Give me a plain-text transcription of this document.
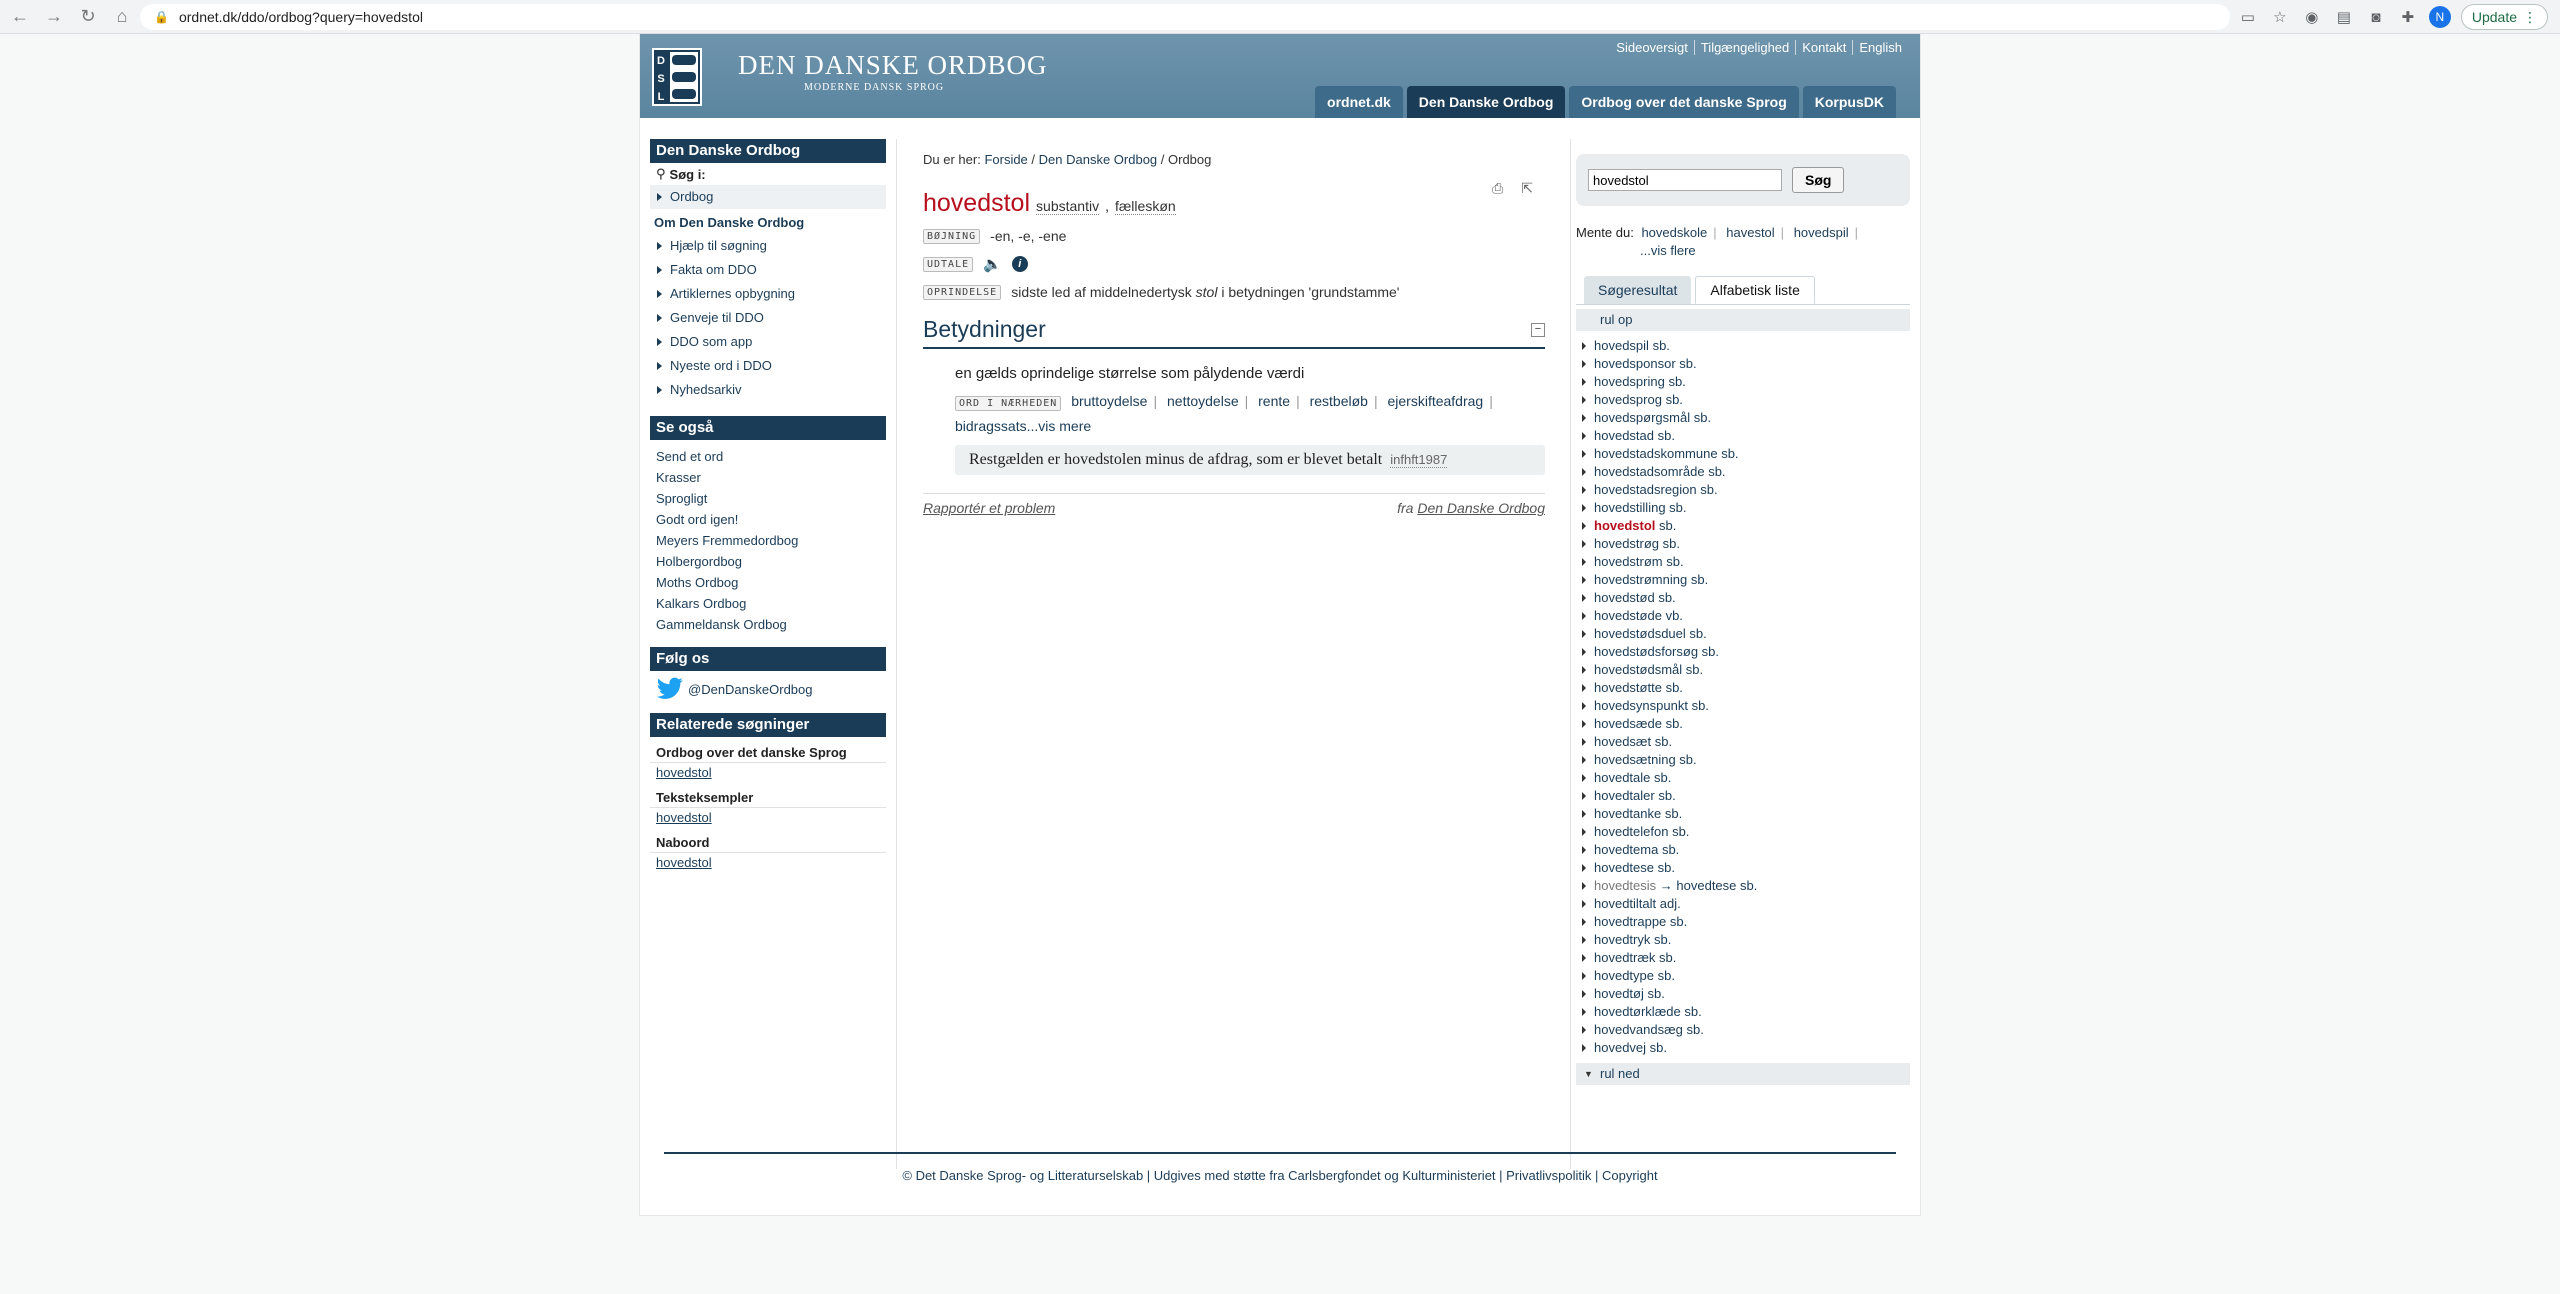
← → ↻	⌂	🔒 ordnet.dk/ddo/ordbog?query=hovedstol	▭ ☆ ◉ ▤	◙	✚	N	Update ⋮
D
S
L
DEN DANSKE ORDBOG
MODERNE DANSK SPROG
Sideoversigt	Tilgængelighed	Kontakt	English
ordnet.dk	Den Danske Ordbog	Ordbog over det danske Sprog	KorpusDK
Den Danske Ordbog
⚲ Søg i:
Ordbog
Om Den Danske Ordbog
Hjælp til søgning
Fakta om DDO
Artiklernes opbygning
Genveje til DDO
DDO som app
Nyeste ord i DDO
Nyhedsarkiv
Se også
Send et ord
Krasser
Sprogligt
Godt ord igen!
Meyers Fremmedordbog
Holbergordbog
Moths Ordbog
Kalkars Ordbog
Gammeldansk Ordbog
Følg os
@DenDanskeOrdbog
Relaterede søgninger
Ordbog over det danske Sprog
hovedstol
Teksteksempler
hovedstol
Naboord
hovedstol
Du er her: Forside / Den Danske Ordbog / Ordbog
⎙ ⇱
hovedstol substantiv , fælleskøn
BØJNING -en, -e, -ene
UDTALE 🔈	i
OPRINDELSE sidste led af middelnedertysk stol i betydningen 'grundstamme'
Betydninger	−
en gælds oprindelige størrelse som pålydende værdi
ORD I NÆRHEDEN bruttoydelse | nettoydelse | rente | restbeløb | ejerskifteafdrag |
bidragssats...vis mere
Restgælden er hovedstolen minus de afdrag, som er blevet betalt infhft1987
Rapportér et problem	fra Den Danske Ordbog
hovedstol
Søg
Mente du: hovedskole | havestol | hovedspil |
...vis flere
Søgeresultat	Alfabetisk liste
rul op
hovedspil sb.
hovedsponsor sb.
hovedspring sb.
hovedsprog sb.
hovedspørgsmål sb.
hovedstad sb.
hovedstadskommune sb.
hovedstadsområde sb.
hovedstadsregion sb.
hovedstilling sb.
hovedstol sb.
hovedstrøg sb.
hovedstrøm sb.
hovedstrømning sb.
hovedstød sb.
hovedstøde vb.
hovedstødsduel sb.
hovedstødsforsøg sb.
hovedstødsmål sb.
hovedstøtte sb.
hovedsynspunkt sb.
hovedsæde sb.
hovedsæt sb.
hovedsætning sb.
hovedtale sb.
hovedtaler sb.
hovedtanke sb.
hovedtelefon sb.
hovedtema sb.
hovedtese sb.
hovedtesis → hovedtese sb.
hovedtiltalt adj.
hovedtrappe sb.
hovedtryk sb.
hovedtræk sb.
hovedtype sb.
hovedtøj sb.
hovedtørklæde sb.
hovedvandsæg sb.
hovedvej sb.
▼ rul ned
© Det Danske Sprog- og Litteraturselskab | Udgives med støtte fra Carlsbergfondet og Kulturministeriet | Privatlivspolitik | Copyright
